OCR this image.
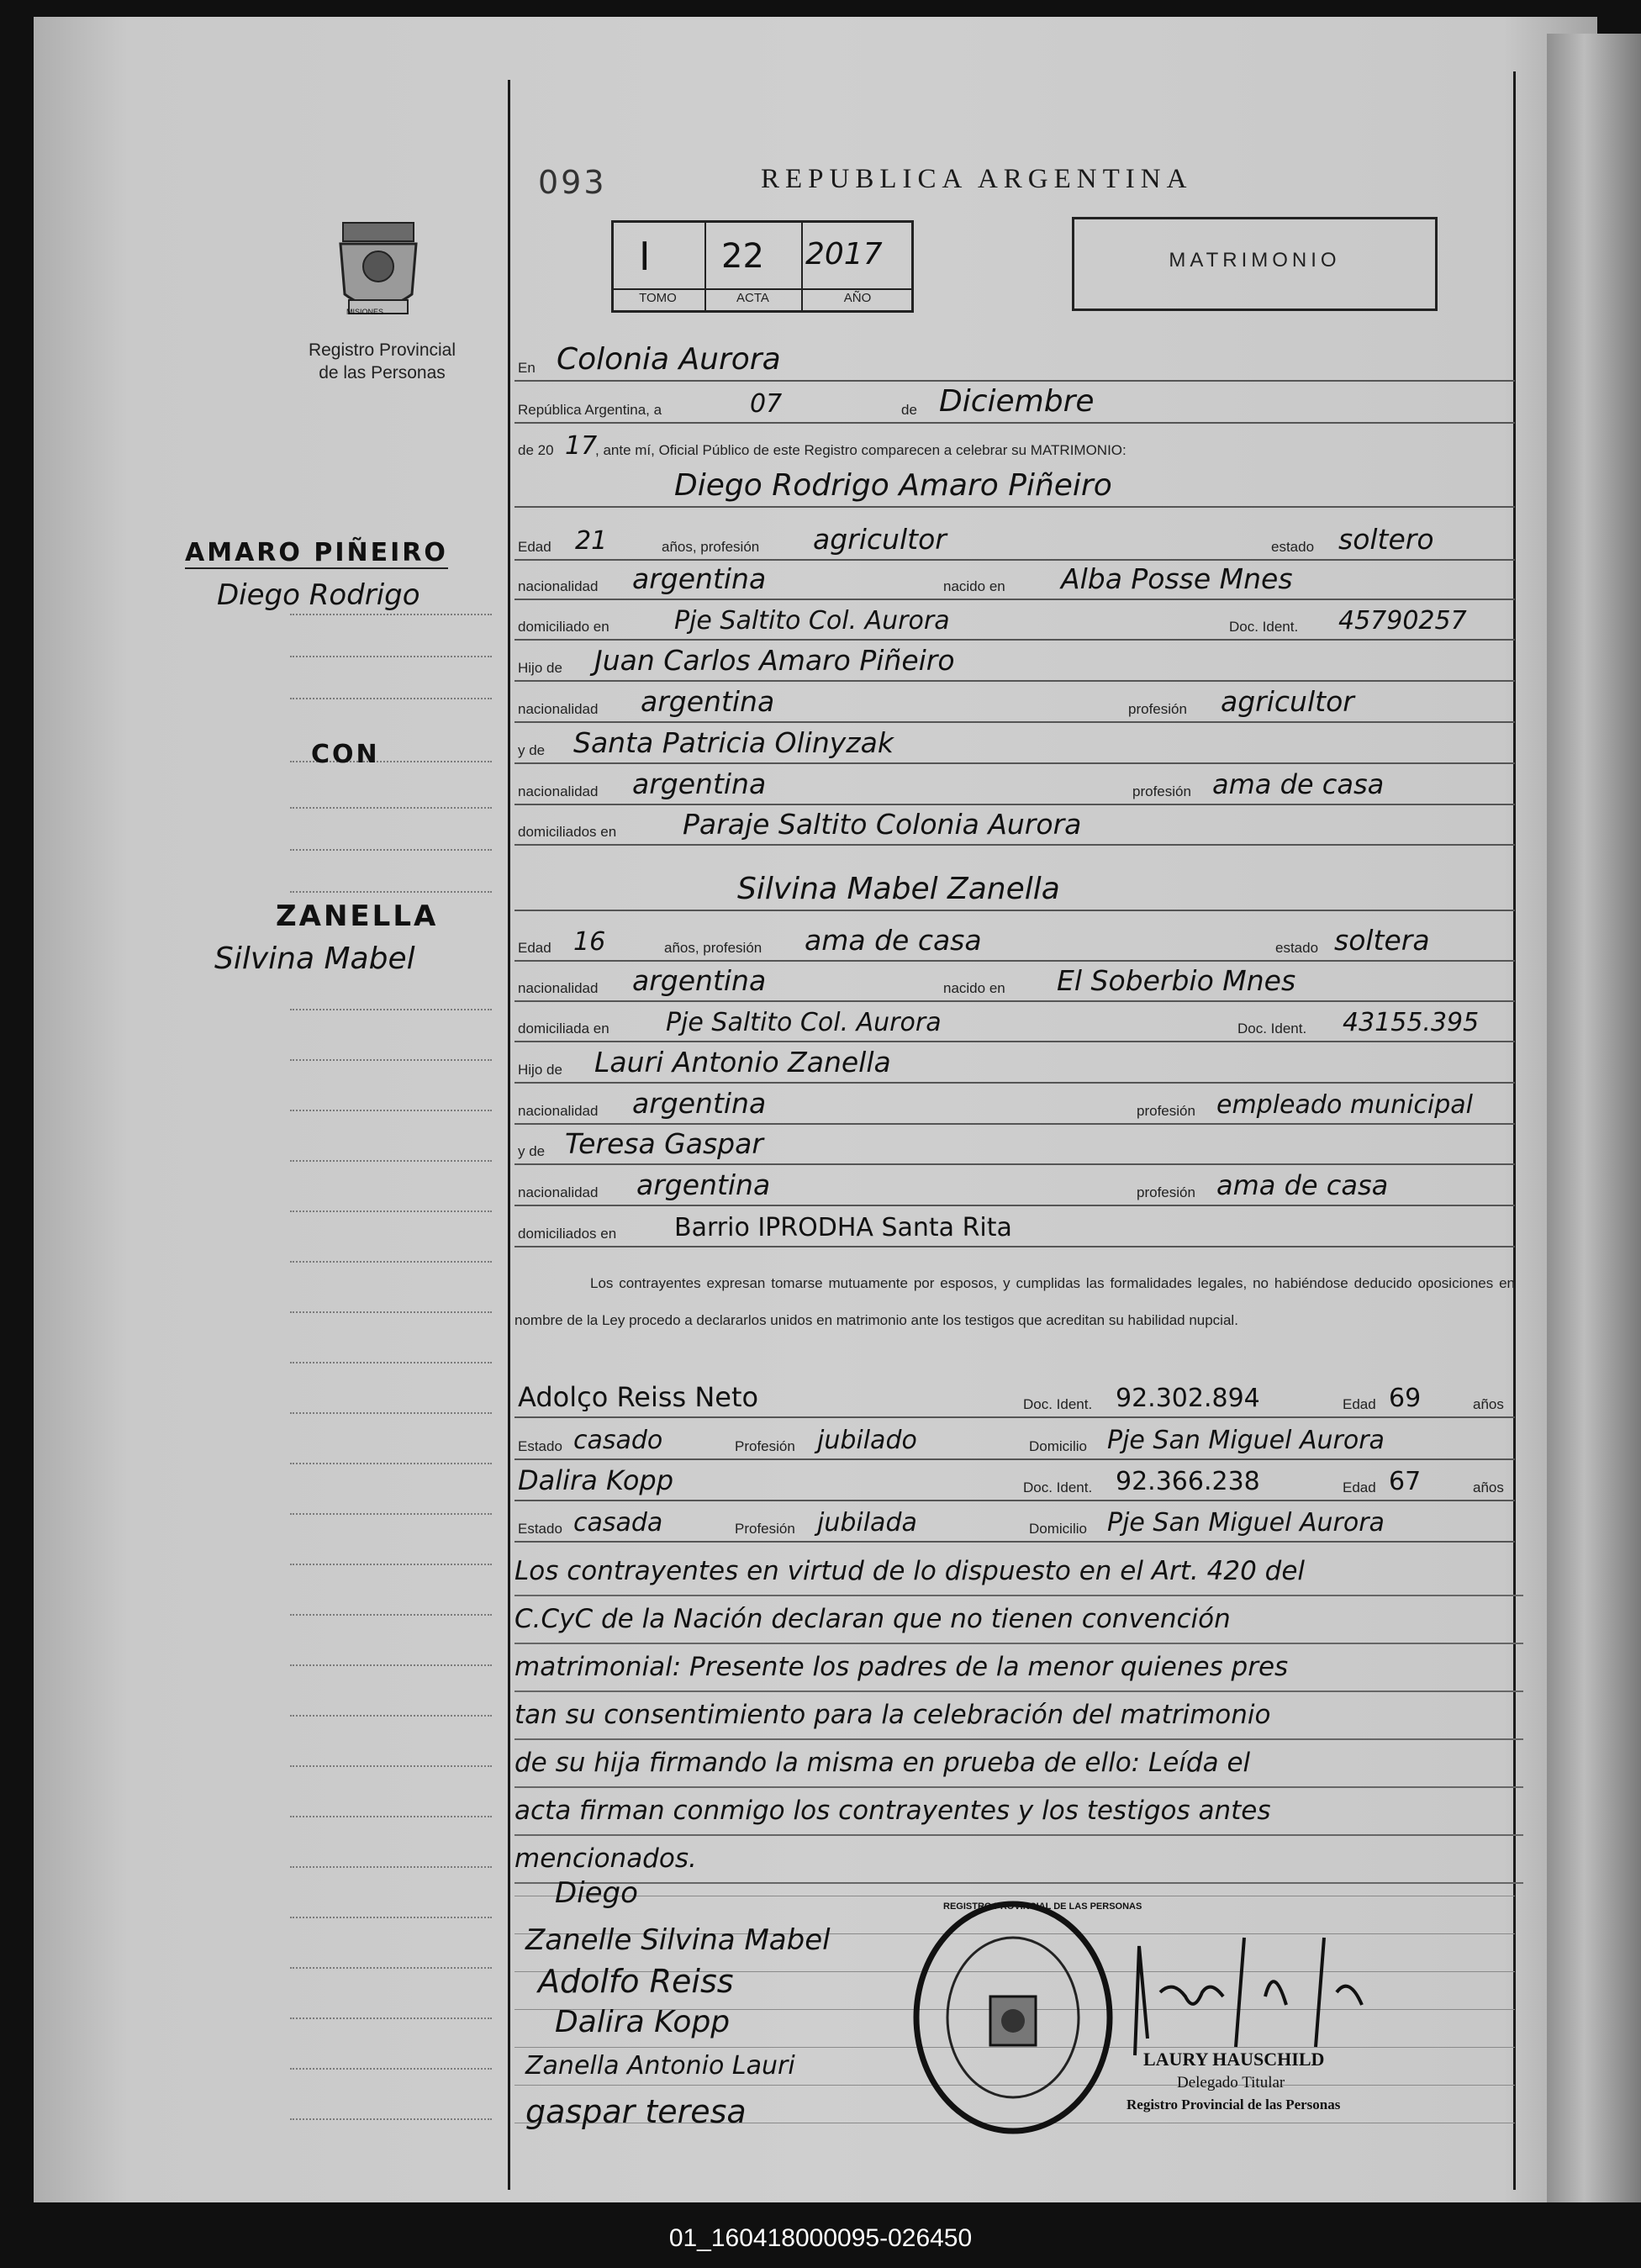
MISIONES
Registro Provincial
de las Personas
093	REPUBLICA ARGENTINA
I 22 2017
TOMO	ACTA	AÑO
MATRIMONIO
En Colonia Aurora
República Argentina, a	07	de Diciembre
de 20 17
, ante mí, Oficial Público de este Registro comparecen a celebrar su MATRIMONIO:
Diego Rodrigo Amaro Piñeiro
Edad 21	años, profesión agricultor	estado soltero
nacionalidad argentina	nacido en Alba Posse Mnes
domiciliado en	Pje Saltito Col. Aurora	Doc. Ident. 45790257
Hijo de Juan Carlos Amaro Piñeiro
nacionalidad argentina	profesión agricultor
y de Santa Patricia Olinyzak
nacionalidad argentina	profesión ama de casa
domiciliados en Paraje Saltito Colonia Aurora
Silvina Mabel Zanella
Edad 16	años, profesión ama de casa	estado soltera
nacionalidad argentina	nacido en El Soberbio Mnes
domiciliada en Pje Saltito Col. Aurora	Doc. Ident. 43155.395
Hijo de Lauri Antonio Zanella
nacionalidad argentina	profesión empleado municipal
y de Teresa Gaspar
nacionalidad argentina	profesión ama de casa
domiciliados en Barrio IPRODHA Santa Rita
Los contrayentes expresan tomarse mutuamente por esposos, y cumplidas las formalidades legales, no habiéndose deducido oposiciones en nombre de la Ley procedo a declararlos unidos en matrimonio ante los testigos que acreditan su habilidad nupcial.
Adolço Reiss Neto	Doc. Ident. 92.302.894	Edad 69	años
Estado casado	Profesión jubilado	Domicilio Pje San Miguel Aurora
Dalira Kopp	Doc. Ident. 92.366.238	Edad 67	años
Estado casada	Profesión jubilada	Domicilio Pje San Miguel Aurora
Los contrayentes en virtud de lo dispuesto en el Art. 420 del
C.CyC de la Nación declaran que no tienen convención
matrimonial: Presente los padres de la menor quienes pres
tan su consentimiento para la celebración del matrimonio
de su hija firmando la misma en prueba de ello: Leída el
acta firman conmigo los contrayentes y los testigos antes
mencionados.
Diego
Zanelle Silvina Mabel
Adolfo Reiss
Dalira Kopp
Zanella Antonio Lauri
gaspar teresa
REGISTRO PROVINCIAL DE LAS PERSONAS
LAURY HAUSCHILD
Delegado Titular
Registro Provincial de las Personas
AMARO PIÑEIRO
Diego Rodrigo
CON
ZANELLA
Silvina Mabel
01_160418000095-026450
